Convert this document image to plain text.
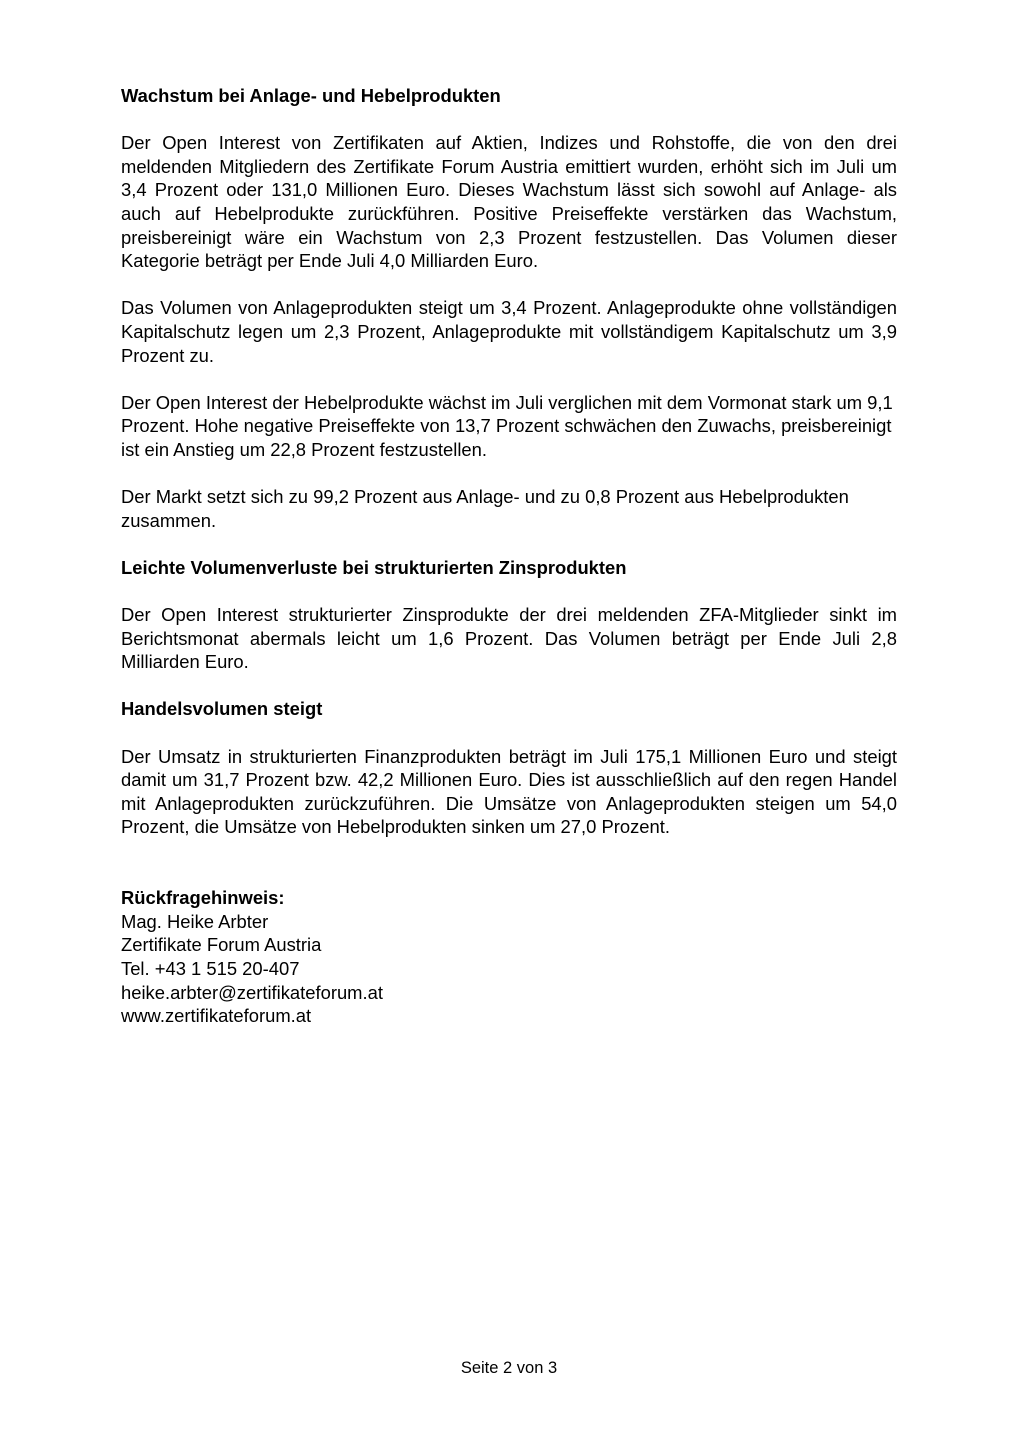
Wachstum bei Anlage- und Hebelprodukten

Der Open Interest von Zertifikaten auf Aktien, Indizes und Rohstoffe, die von den drei meldenden Mitgliedern des Zertifikate Forum Austria emittiert wurden, erhöht sich im Juli um 3,4 Prozent oder 131,0 Millionen Euro. Dieses Wachstum lässt sich sowohl auf Anlage- als auch auf Hebelprodukte zurückführen. Positive Preiseffekte verstärken das Wachstum, preisbereinigt wäre ein Wachstum von 2,3 Prozent festzustellen. Das Volumen dieser Kategorie beträgt per Ende Juli 4,0 Milliarden Euro.

Das Volumen von Anlageprodukten steigt um 3,4 Prozent. Anlageprodukte ohne vollständigen Kapitalschutz legen um 2,3 Prozent, Anlageprodukte mit vollständigem Kapitalschutz um 3,9 Prozent zu.

Der Open Interest der Hebelprodukte wächst im Juli verglichen mit dem Vormonat stark um 9,1 Prozent. Hohe negative Preiseffekte von 13,7 Prozent schwächen den Zuwachs, preisbereinigt ist ein Anstieg um 22,8 Prozent festzustellen.

Der Markt setzt sich zu 99,2 Prozent aus Anlage- und zu 0,8 Prozent aus Hebelprodukten zusammen.

Leichte Volumenverluste bei strukturierten Zinsprodukten

Der Open Interest strukturierter Zinsprodukte der drei meldenden ZFA-Mitglieder sinkt im Berichtsmonat abermals leicht um 1,6 Prozent. Das Volumen beträgt per Ende Juli 2,8 Milliarden Euro.

Handelsvolumen steigt

Der Umsatz in strukturierten Finanzprodukten beträgt im Juli 175,1 Millionen Euro und steigt damit um 31,7 Prozent bzw. 42,2 Millionen Euro. Dies ist ausschließlich auf den regen Handel mit Anlageprodukten zurückzuführen. Die Umsätze von Anlageprodukten steigen um 54,0 Prozent, die Umsätze von Hebelprodukten sinken um 27,0 Prozent.

Rückfragehinweis:
Mag. Heike Arbter
Zertifikate Forum Austria
Tel. +43 1 515 20-407
heike.arbter@zertifikateforum.at
www.zertifikateforum.at
Seite 2 von 3
